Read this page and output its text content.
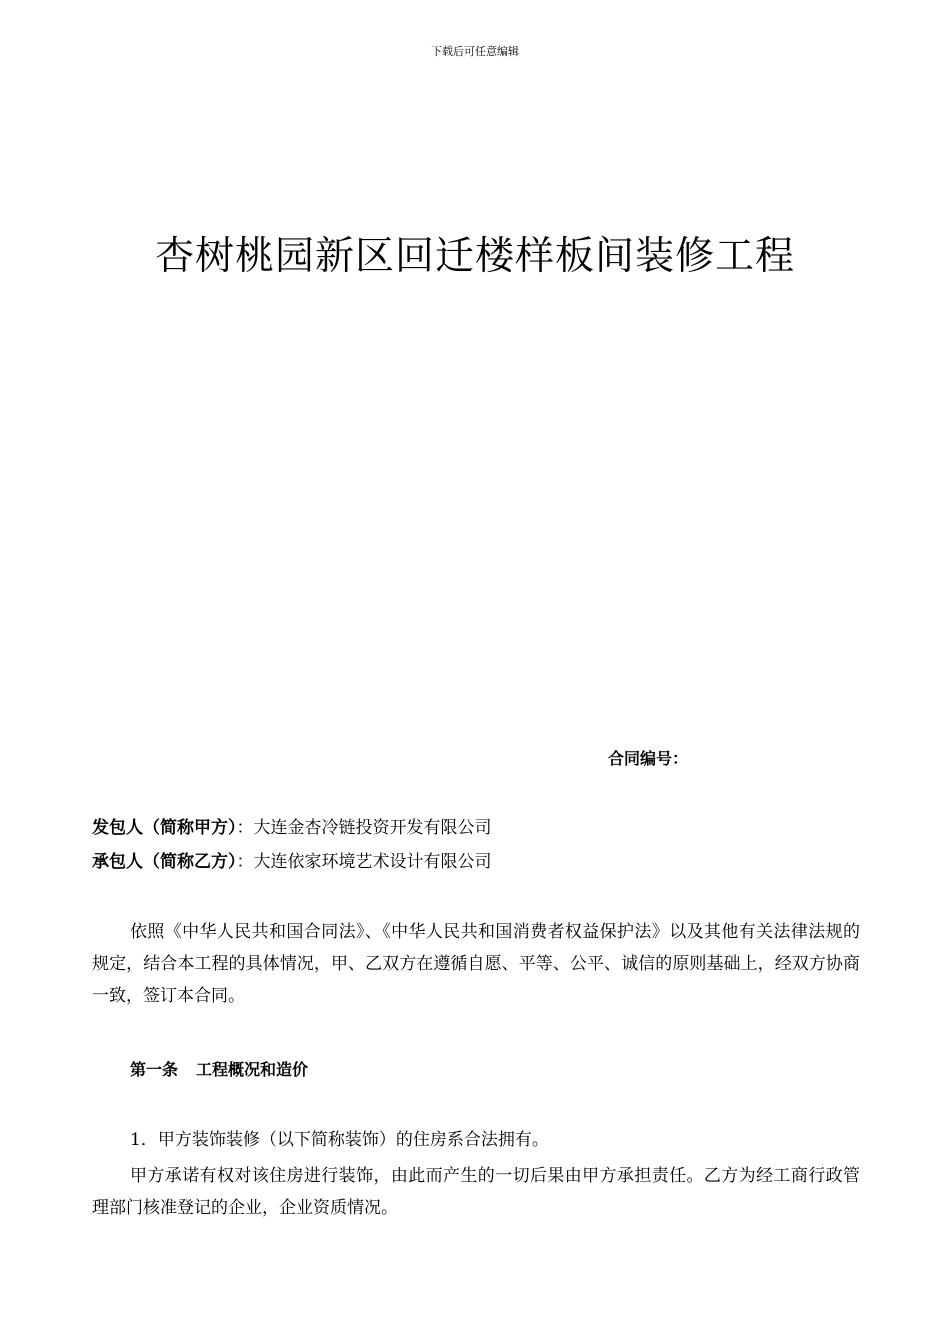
下载后可任意编辑
杏树桃园新区回迁楼样板间装修工程
合同编号：
发包人（简称甲方）：大连金杏冷链投资开发有限公司
承包人（简称乙方）：大连依家环境艺术设计有限公司

依照《中华人民共和国合同法》、《中华人民共和国消费者权益保护法》以及其他有关法律法规的规定，结合本工程的具体情况，甲、乙双方在遵循自愿、平等、公平、诚信的原则基础上，经双方协商一致，签订本合同。

第一条 工程概况和造价

1．甲方装饰装修（以下简称装饰）的住房系合法拥有。

甲方承诺有权对该住房进行装饰，由此而产生的一切后果由甲方承担责任。乙方为经工商行政管理部门核准登记的企业，企业资质情况。
